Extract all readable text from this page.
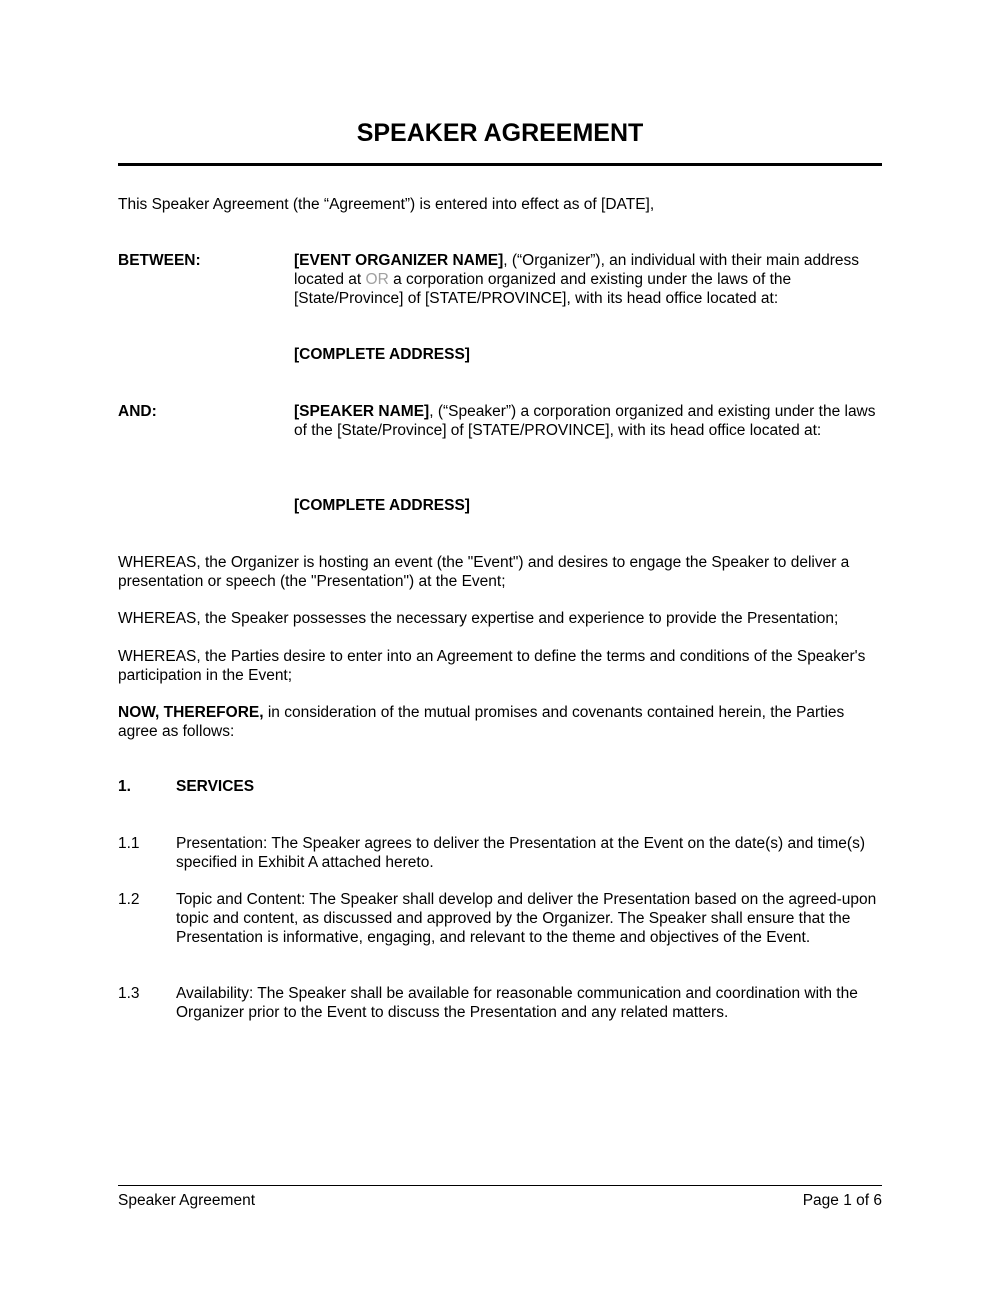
SPEAKER AGREEMENT
This Speaker Agreement (the “Agreement”) is entered into effect as of [DATE],
BETWEEN:	[EVENT ORGANIZER NAME], (“Organizer”), an individual with their main address located at OR a corporation organized and existing under the laws of the [State/Province] of [STATE/PROVINCE], with its head office located at:
[COMPLETE ADDRESS]
AND:	[SPEAKER NAME], (“Speaker”) a corporation organized and existing under the laws of the [State/Province] of [STATE/PROVINCE], with its head office located at:
[COMPLETE ADDRESS]
WHEREAS, the Organizer is hosting an event (the "Event") and desires to engage the Speaker to deliver a presentation or speech (the "Presentation") at the Event;
WHEREAS, the Speaker possesses the necessary expertise and experience to provide the Presentation;
WHEREAS, the Parties desire to enter into an Agreement to define the terms and conditions of the Speaker's participation in the Event;
NOW, THEREFORE, in consideration of the mutual promises and covenants contained herein, the Parties agree as follows:
1.	SERVICES
1.1 Presentation: The Speaker agrees to deliver the Presentation at the Event on the date(s) and time(s) specified in Exhibit A attached hereto.
1.2 Topic and Content: The Speaker shall develop and deliver the Presentation based on the agreed-upon topic and content, as discussed and approved by the Organizer. The Speaker shall ensure that the Presentation is informative, engaging, and relevant to the theme and objectives of the Event.
1.3 Availability: The Speaker shall be available for reasonable communication and coordination with the Organizer prior to the Event to discuss the Presentation and any related matters.
Speaker Agreement	Page 1 of 6
